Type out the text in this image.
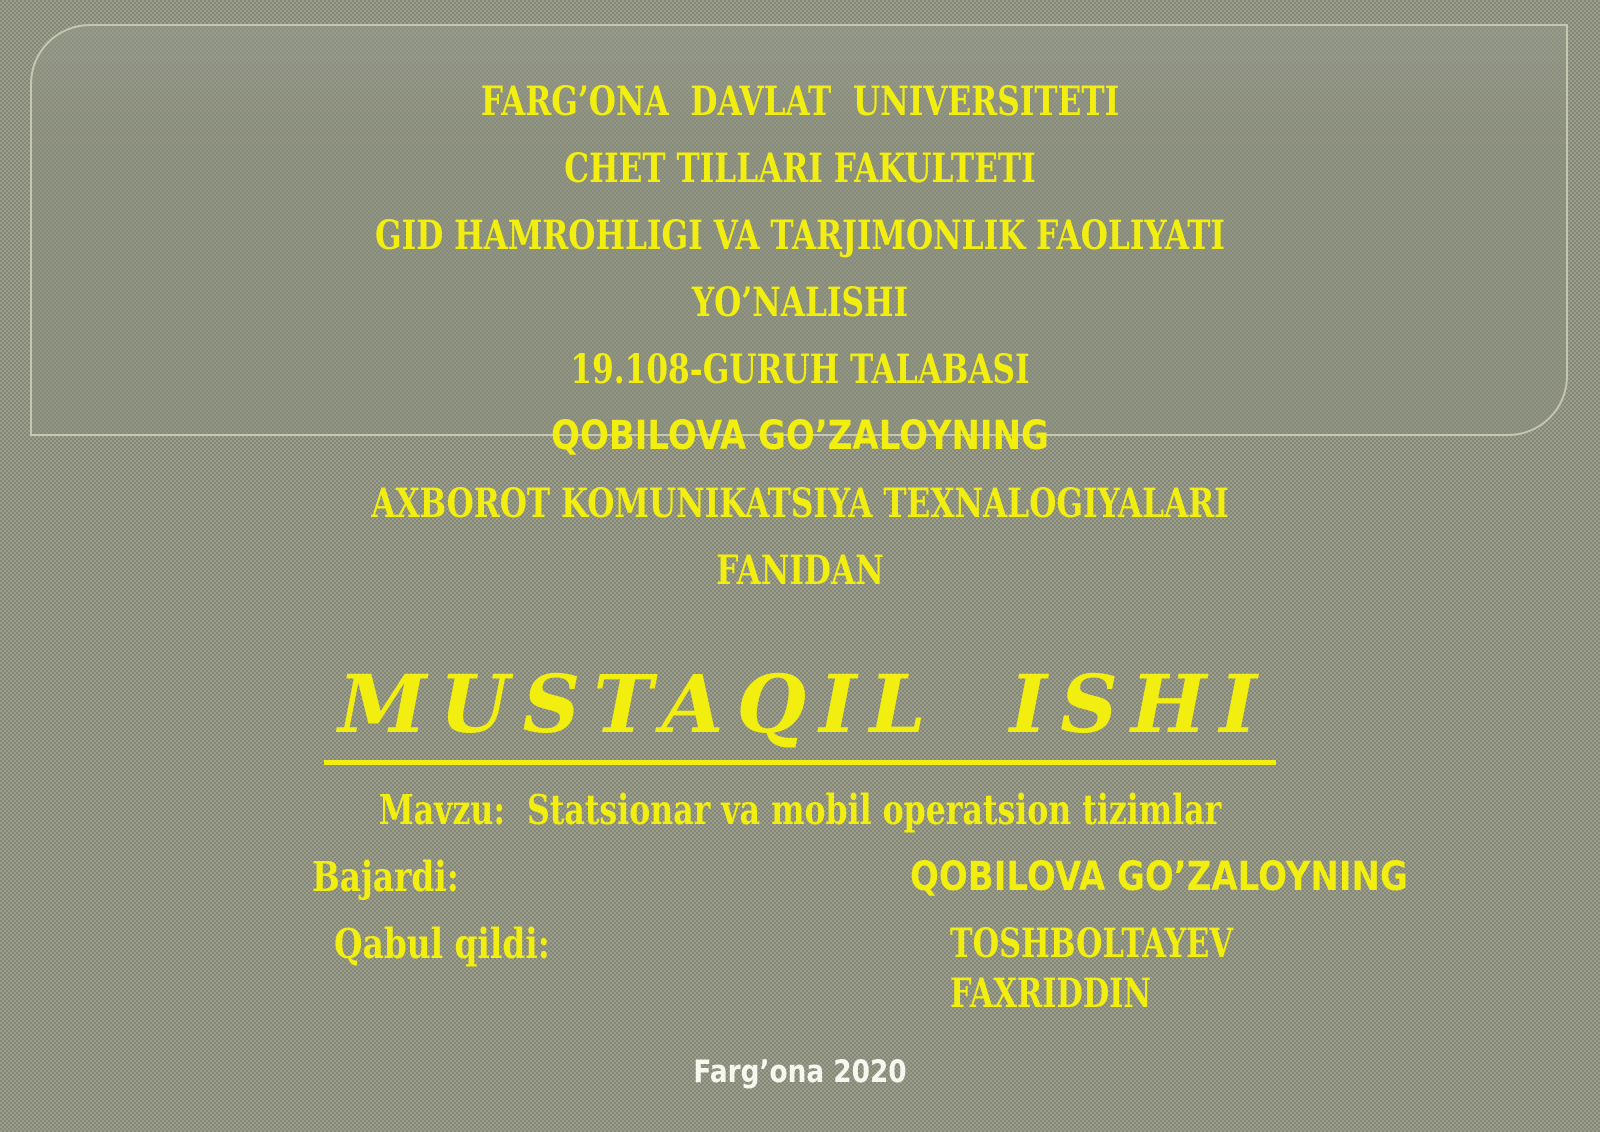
FARG’ONA  DAVLAT  UNIVERSITETI
CHET TILLARI FAKULTETI
GID HAMROHLIGI VA TARJIMONLIK FAOLIYATI
YO’NALISHI
19.108-GURUH TALABASI
QOBILOVA GO’ZALOYNING
AXBOROT KOMUNIKATSIYA TEXNALOGIYALARI
FANIDAN
MUSTAQIL ISHI
Mavzu:  Statsionar va mobil operatsion tizimlar
Bajardi:	QOBILOVA GO’ZALOYNING
Qabul qildi:	TOSHBOLTAYEV  FAXRIDDIN
Farg’ona 2020
